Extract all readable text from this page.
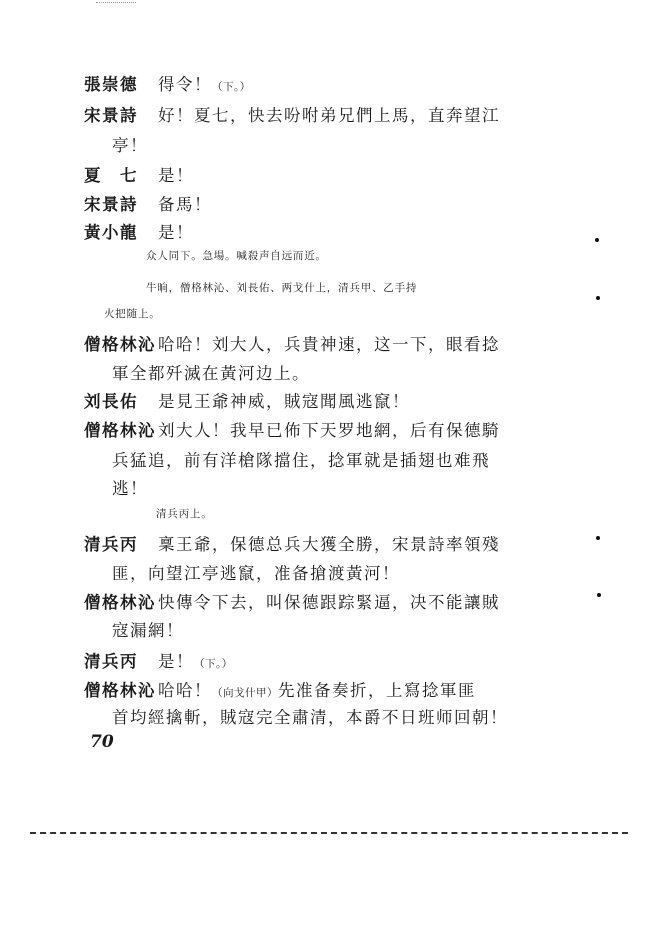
張崇德 得令！（下。）
宋景詩 好！夏七，快去吩咐弟兄們上馬，直奔望江
亭！
夏　七 是！
宋景詩 备馬！
黃小龍 是！
众人同下。急場。喊殺声自远而近。
牛晌，僧格林沁、刘長佑、两戈什上，清兵甲、乙手持
火把随上。
僧格林沁 哈哈！刘大人，兵貴神速，这一下，眼看捻
軍全都歼滅在黃河边上。
刘長佑 是見王爺神威，賊寇聞風逃竄！
僧格林沁 刘大人！我早已佈下天罗地網，后有保德騎
兵猛追，前有洋槍隊擋住，捻軍就是插翅也难飛
逃！
清兵丙上。
清兵丙 稟王爺，保德总兵大獲全勝，宋景詩率領殘
匪，向望江亭逃竄，准备搶渡黃河！
僧格林沁 快傳令下去，叫保德跟踪緊逼，决不能讓賊
寇漏網！
清兵丙 是！（下。）
僧格林沁 哈哈！（向戈什甲）先准备奏折，上寫捻軍匪
首均經擒斬，賊寇完全肅清，本爵不日班师回朝！
70
